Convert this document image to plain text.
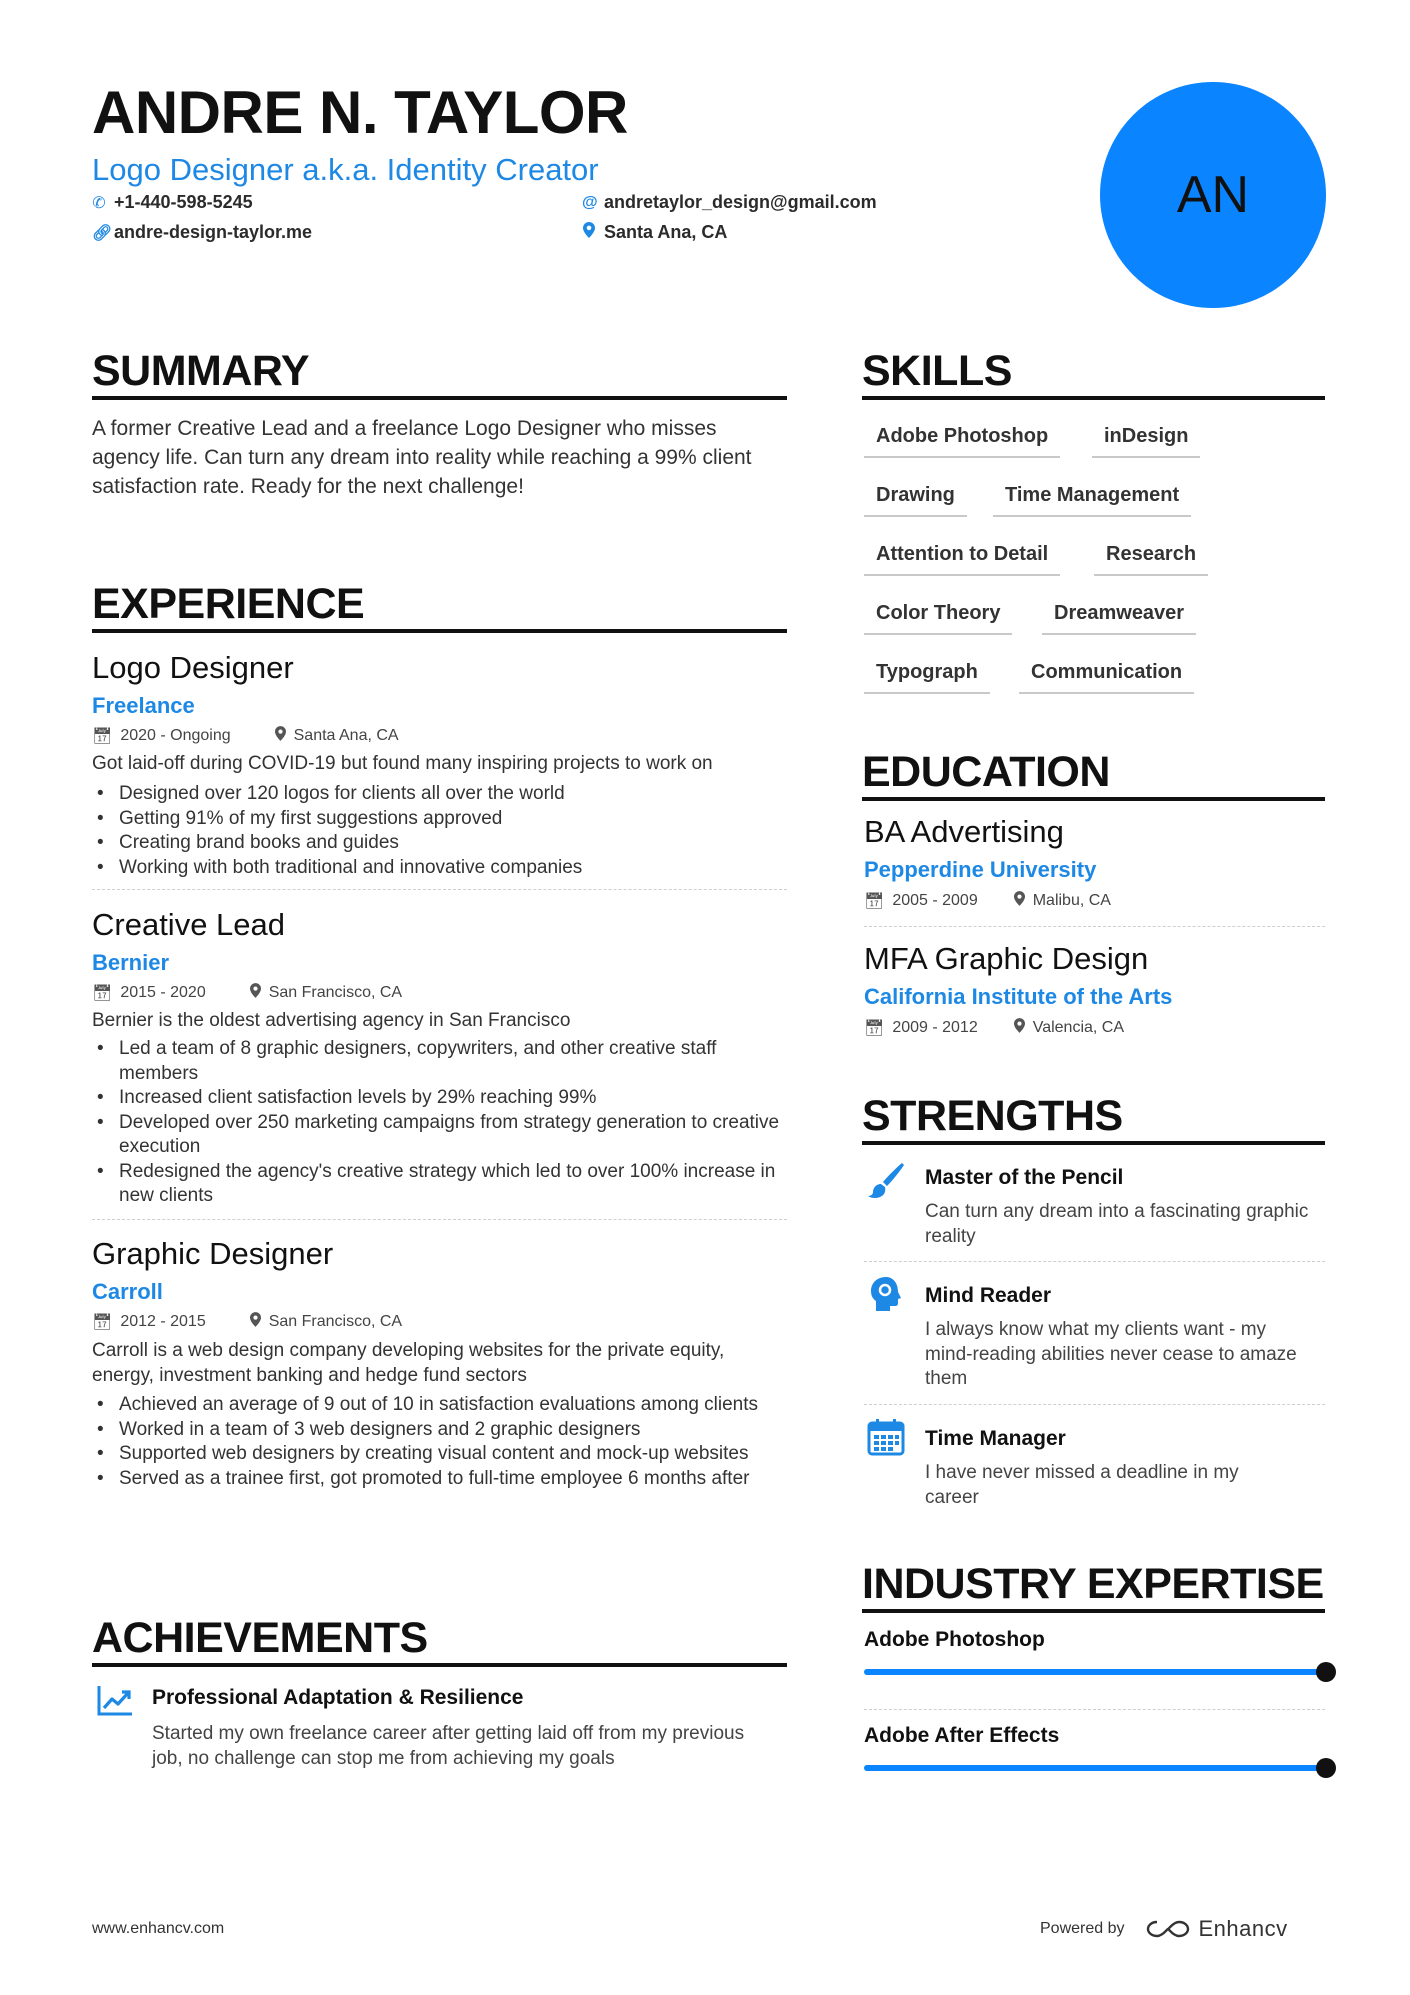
ANDRE N. TAYLOR
Logo Designer a.k.a. Identity Creator
✆ +1-440-598-5245	@ andretaylor_design@gmail.com
🔗︎ andre-design-taylor.me	Santa Ana, CA
AN
SUMMARY
A former Creative Lead and a freelance Logo Designer who misses agency life. Can turn any dream into reality while reaching a 99% client satisfaction rate. Ready for the next challenge!
EXPERIENCE
Logo Designer
Freelance
📅︎ 2020 - Ongoing	Santa Ana, CA
Got laid-off during COVID-19 but found many inspiring projects to work on
• Designed over 120 logos for clients all over the world
• Getting 91% of my first suggestions approved
• Creating brand books and guides
• Working with both traditional and innovative companies
Creative Lead
Bernier
📅︎ 2015 - 2020	San Francisco, CA
Bernier is the oldest advertising agency in San Francisco
• Led a team of 8 graphic designers, copywriters, and other creative staff members
• Increased client satisfaction levels by 29% reaching 99%
• Developed over 250 marketing campaigns from strategy generation to creative execution
• Redesigned the agency's creative strategy which led to over 100% increase in new clients
Graphic Designer
Carroll
📅︎ 2012 - 2015	San Francisco, CA
Carroll is a web design company developing websites for the private equity, energy, investment banking and hedge fund sectors
• Achieved an average of 9 out of 10 in satisfaction evaluations among clients
• Worked in a team of 3 web designers and 2 graphic designers
• Supported web designers by creating visual content and mock-up websites
• Served as a trainee first, got promoted to full-time employee 6 months after
ACHIEVEMENTS
Professional Adaptation & Resilience
Started my own freelance career after getting laid off from my previous job, no challenge can stop me from achieving my goals
SKILLS
Adobe Photoshop	inDesign
Drawing	Time Management
Attention to Detail	Research
Color Theory	Dreamweaver
Typograph	Communication
EDUCATION
BA Advertising
Pepperdine University
📅︎ 2005 - 2009	Malibu, CA
MFA Graphic Design
California Institute of the Arts
📅︎ 2009 - 2012	Valencia, CA
STRENGTHS
Master of the Pencil
Can turn any dream into a fascinating graphic reality
Mind Reader
I always know what my clients want - my mind-reading abilities never cease to amaze them
Time Manager
I have never missed a deadline in my career
INDUSTRY EXPERTISE
Adobe Photoshop
Adobe After Effects
www.enhancv.com	Powered by	Enhancv
